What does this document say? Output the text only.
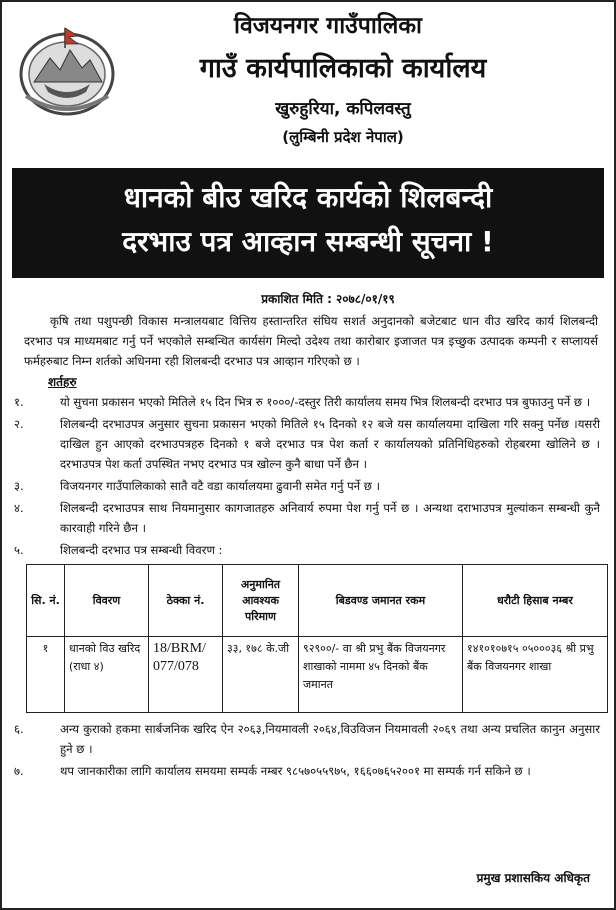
विजयनगर गाउँपालिका
गाउँ कार्यपालिकाको कार्यालय
खुरुहुरिया, कपिलवस्तु
(लुम्बिनी प्रदेश नेपाल)
धानको बीउ खरिद कार्यको शिलबन्दी
दरभाउ पत्र आव्हान सम्बन्धी सूचना !
प्रकाशित मिति : २०७८/०१/१९

कृषि तथा पशुपन्छी विकास मन्त्रालयबाट वित्तिय हस्तान्तरित संघिय सशर्त अनुदानको बजेटबाट धान वीउ खरिद कार्य शिलबन्दी दरभाउ पत्र माध्यमबाट गर्नु पर्ने भएकोले सम्बन्धित कार्यसंग मिल्दो उदेश्य तथा कारोबार इजाजत पत्र इच्छुक उत्पादक कम्पनी र सप्लायर्स फर्महरुबाट निम्न शर्तको अधिनमा रही शिलबन्दी दरभाउ पत्र आव्हान गरिएको छ ।

शर्तहरु
१.	यो सुचना प्रकासन भएको मितिले १५ दिन भित्र रु १०००/-दस्तुर तिरी कार्यालय समय भित्र शिलबन्दी दरभाउ पत्र बुफाउनु पर्ने छ ।
२.	शिलबन्दी दरभाउपत्र अनुसार सुचना प्रकासन भएको मितिले १५ दिनको १२ बजे यस कार्यालयमा दाखिला गरि सक्नु पर्नेछ ।यसरी दाखिल हुन आएको दरभाउपत्रहरु दिनको १ बजे दरभाउ पत्र पेश कर्ता र कार्यालयको प्रतिनिधिहरुको रोहबरमा खोलिने छ ।दरभाउपत्र पेश कर्ता उपस्थित नभए दरभाउ पत्र खोल्न कुनै बाधा पर्ने छैन ।
३.	विजयनगर गाउँपालिकाको सातै वटै वडा कार्यालयमा ढुवानी समेत गर्नु पर्ने छ ।
४.	शिलबन्दी दरभाउपत्र साथ नियमानुसार कागजातहरु अनिवार्य रुपमा पेश गर्नु पर्ने छ । अन्यथा दराभाउपत्र मुल्यांकन सम्बन्धी कुनै कारवाही गरिने छैन ।
५.	शिलबन्दी दरभाउ पत्र सम्बन्धी विवरण :
सि. नं.	विवरण	ठेक्का नं.	अनुमानित आवश्यक परिमाण	बिडवण्ड जमानत रकम	धरौटी हिसाब नम्बर
१	धानको विउ खरिद (राधा ४)	18/BRM/ 077/078	३३, १७८ के.जी	९२९००/- वा श्री प्रभु बैंक विजयनगर शाखाको नाममा ४५ दिनको बैंक जमानत	१४१०१०७१५ ०५०००३६ श्री प्रभु बैंक विजयनगर शाखा
६.	अन्य कुराको हकमा सार्बजनिक खरिद ऐन २०६३,नियमावली २०६४,विउविजन नियमावली २०६९ तथा अन्य प्रचलित कानुन अनुसार हुने छ ।
७.	थप जानकारीका लागि कार्यालय समयमा सम्पर्क नम्बर ९८५७०५५९७५, १६६०७६५२००१ मा सम्पर्क गर्न सकिने छ ।
प्रमुख प्रशासकिय अधिकृत
